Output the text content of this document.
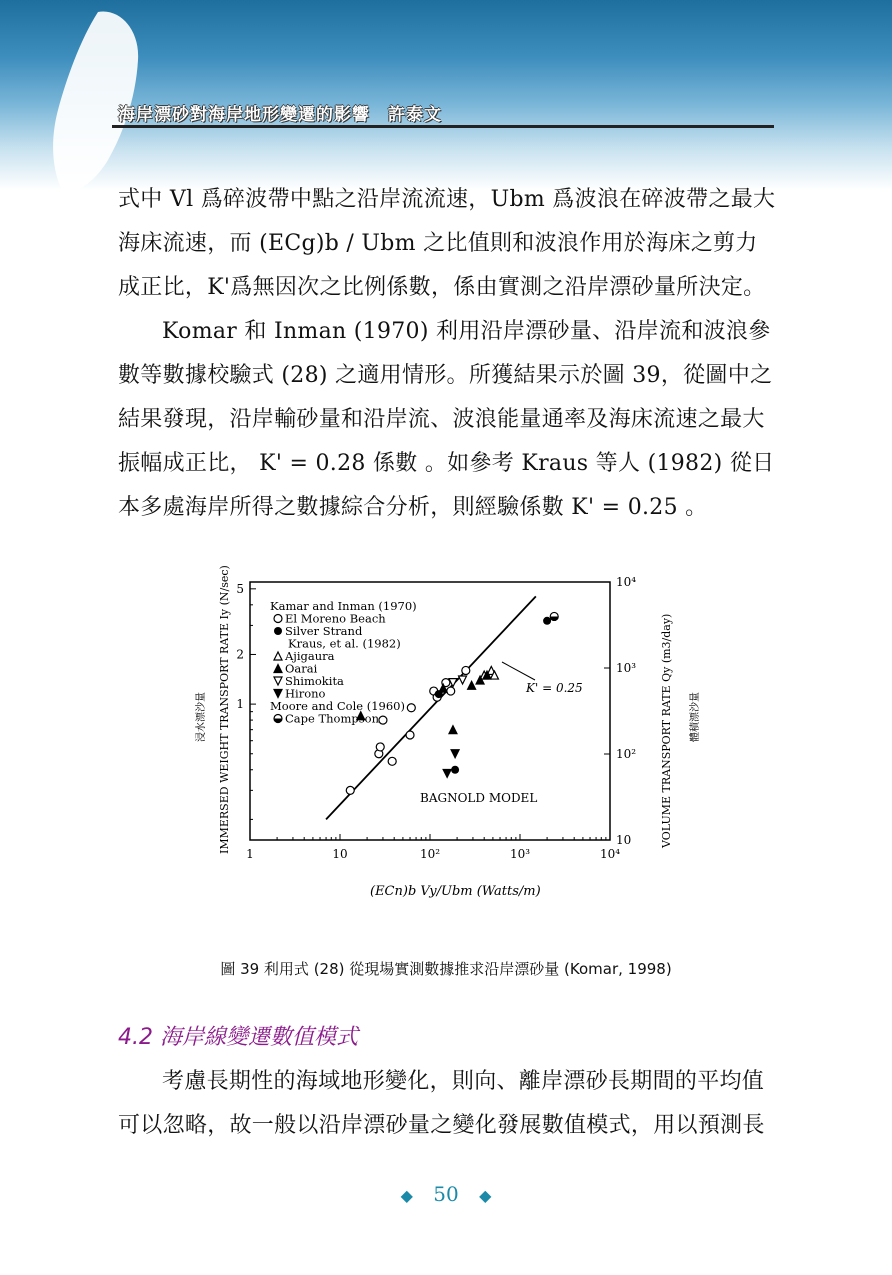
海岸漂砂對海岸地形變遷的影響　許泰文

式中 Vl 爲碎波帶中點之沿岸流流速，Ubm 爲波浪在碎波帶之最大海床流速，而 (ECg)b / Ubm 之比值則和波浪作用於海床之剪力成正比，K'爲無因次之比例係數，係由實測之沿岸漂砂量所決定。

Komar 和 Inman (1970) 利用沿岸漂砂量、沿岸流和波浪參數等數據校驗式 (28) 之適用情形。所獲結果示於圖 39，從圖中之結果發現，沿岸輸砂量和沿岸流、波浪能量通率及海床流速之最大振幅成正比， K' = 0.28 係數 。如參考 Kraus 等人 (1982) 從日本多處海岸所得之數據綜合分析，則經驗係數 K' = 0.25 。

1	10	10²	10³	10⁴
1
2
5
10
10²
10³
10⁴
Kamar and Inman (1970)
El Moreno Beach
Silver Strand
Kraus, et al. (1982)
Ajigaura
Oarai
Shimokita
Hirono
Moore and Cole (1960)
Cape Thompson
BAGNOLD MODEL
K' = 0.25
(ECn)b Vy/Ubm (Watts/m)
IMMERSED WEIGHT TRANSPORT RATE Iy (N/sec)
浸水漂沙量	VOLUME TRANSPORT RATE Qy (m3/day) 體積漂沙量
圖 39 利用式 (28) 從現場實測數據推求沿岸漂砂量 (Komar, 1998)
4.2 海岸線變遷數值模式

考慮長期性的海域地形變化，則向、離岸漂砂長期間的平均值可以忽略，故一般以沿岸漂砂量之變化發展數值模式，用以預測長

◆ 50 ◆
